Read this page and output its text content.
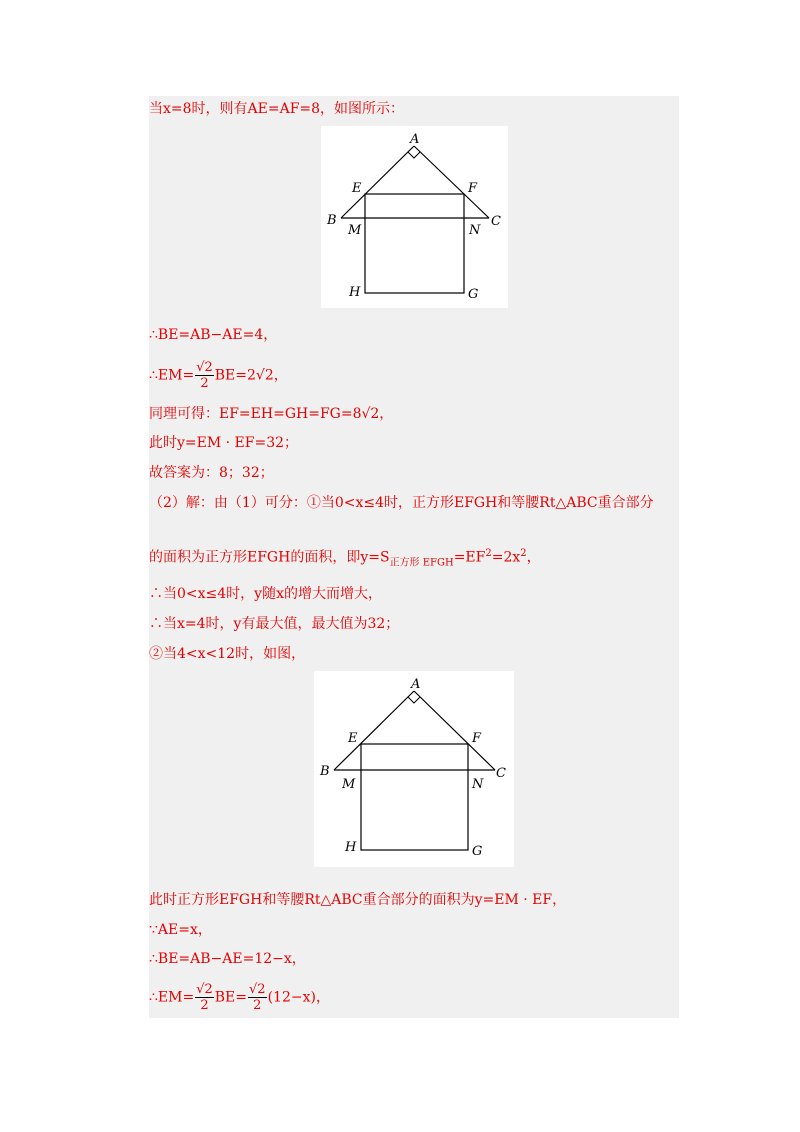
当x=8时，则有AE=AF=8，如图所示：
A
B	C
E	F
M	N
H	G
∴BE=AB−AE=4，
∴EM= $\frac{√2}{2} BE=2√2$，
同理可得：EF=EH=GH=FG=8√2，
此时y=EM · EF=32；
故答案为：8；32；
（2）解：由（1）可分：①当0<x≤4时，正方形EFGH和等腰Rt△ABC重合部分
的面积为正方形EFGH的面积，即$y=S_{正方形 EFGH}=EF^2=2x^2$，
∴当0<x≤4时，y随x的增大而增大，
∴当x=4时，y有最大值，最大值为32；
②当4<x<12时，如图，
A
B	C
E	F
M	N
H	G
此时正方形EFGH和等腰Rt△ABC重合部分的面积为y=EM · EF，
∵AE=x，
∴BE=AB−AE=12−x，
∴EM= $\frac{√2}{2} BE= \frac{√2}{2} (12-x)$，
